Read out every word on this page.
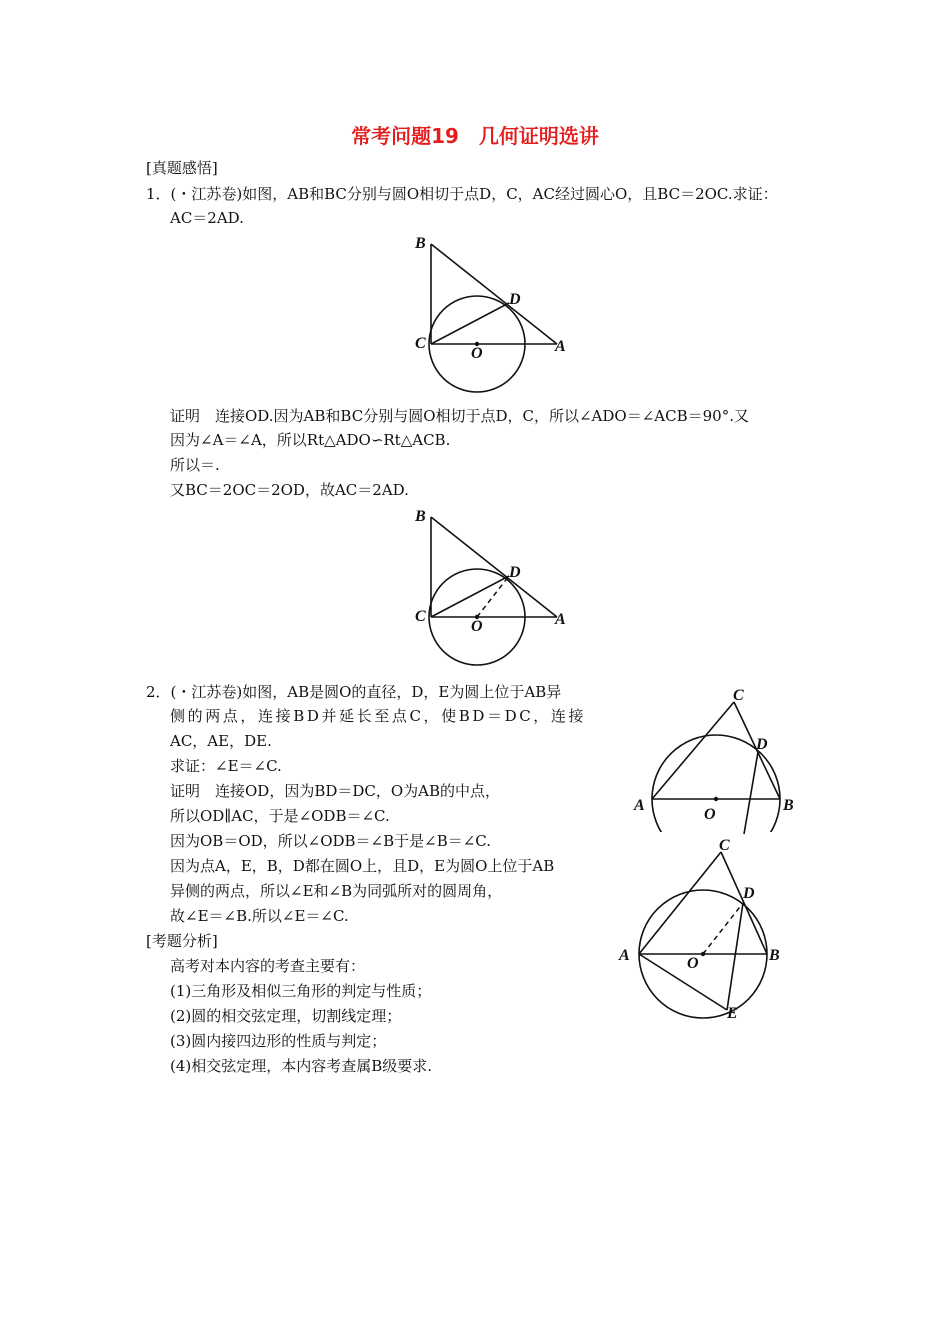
常考问题19　几何证明选讲
[真题感悟]
1．(・江苏卷)如图，AB和BC分别与圆O相切于点D，C，AC经过圆心O，且BC＝2OC.求证：
AC＝2AD.
B
D
C
O	A
证明　连接OD.因为AB和BC分别与圆O相切于点D，C，所以∠ADO＝∠ACB＝90°.又
因为∠A＝∠A，所以Rt△ADO∽Rt△ACB.
所以＝.
又BC＝2OC＝2OD，故AC＝2AD.
B
D
C
O	A
2．(・江苏卷)如图，AB是圆O的直径，D，E为圆上位于AB异
侧的两点，连接BD并延长至点C，使BD＝DC，连接
AC，AE，DE.
求证：∠E＝∠C.
证明　连接OD，因为BD＝DC，O为AB的中点，
所以OD∥AC，于是∠ODB＝∠C.
因为OB＝OD，所以∠ODB＝∠B于是∠B＝∠C.
因为点A，E，B，D都在圆O上，且D，E为圆O上位于AB
异侧的两点，所以∠E和∠B为同弧所对的圆周角，
故∠E＝∠B.所以∠E＝∠C.
C
D
A
O
B
C
D
A	O	B
E
[考题分析]
高考对本内容的考查主要有：
(1)三角形及相似三角形的判定与性质；
(2)圆的相交弦定理，切割线定理；
(3)圆内接四边形的性质与判定；
(4)相交弦定理，本内容考查属B级要求.
